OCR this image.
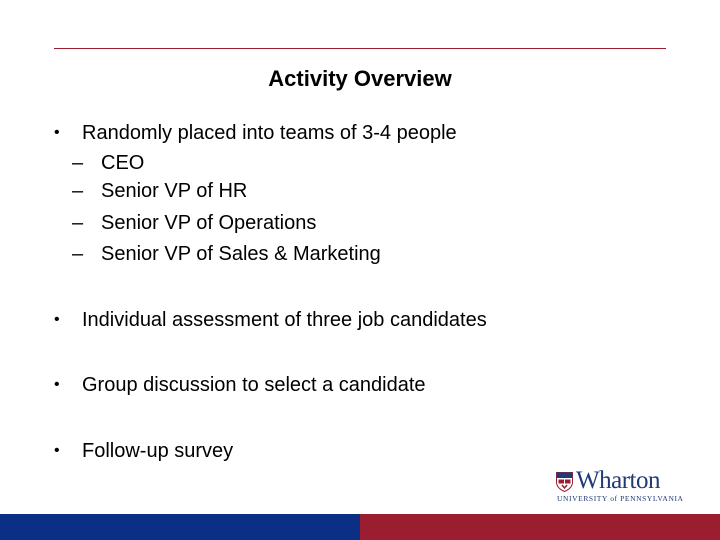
Activity Overview
•	Randomly placed into teams of 3-4 people
– CEO
– Senior VP of HR
– Senior VP of Operations
– Senior VP of Sales & Marketing
•	Individual assessment of three job candidates
•	Group discussion to select a candidate
•	Follow-up survey
Wharton
UNIVERSITY of PENNSYLVANIA
